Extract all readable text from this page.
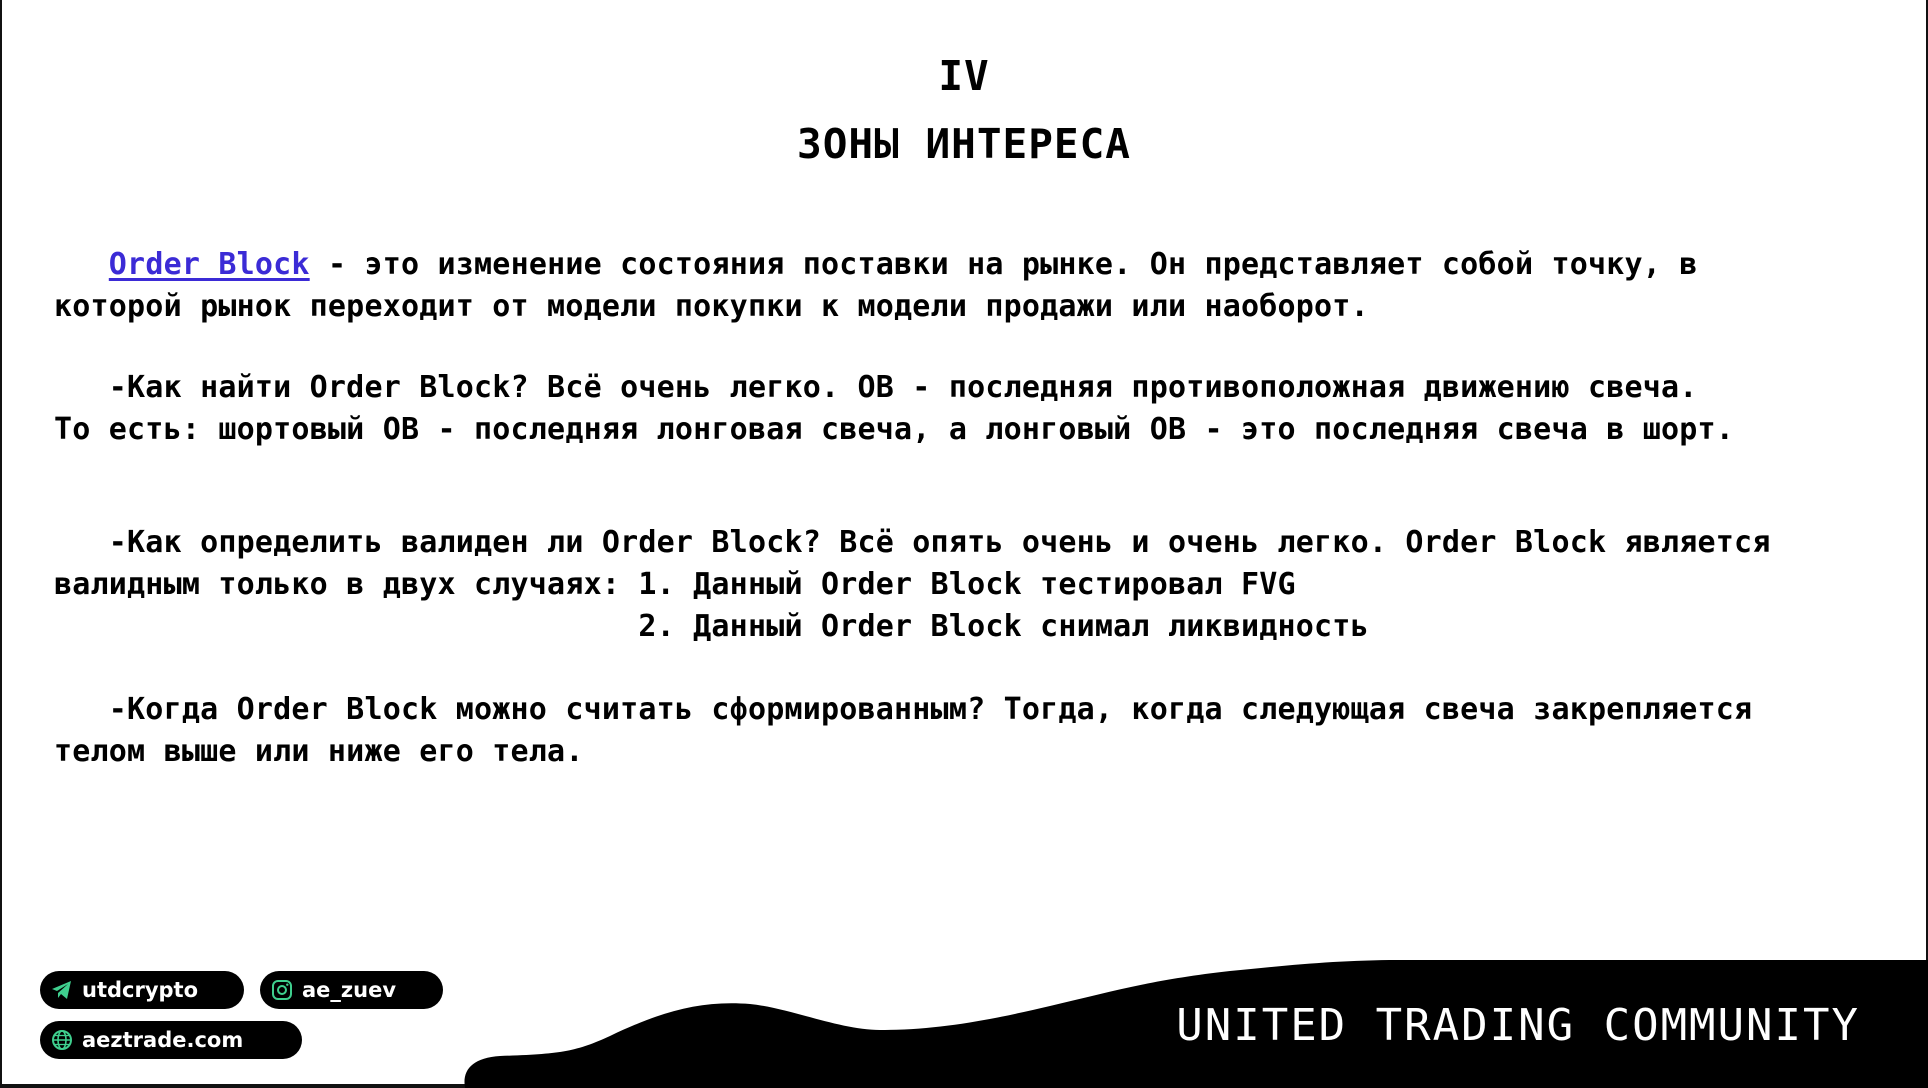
IV
ЗОНЫ ИНТЕРЕСА
Order Block - это изменение состояния поставки на рынке. Он представляет собой точку, в
которой рынок переходит от модели покупки к модели продажи или наоборот.
-Как найти Order Block? Всё очень легко. ОВ - последняя противоположная движению свеча.
То есть: шортовый ОВ - последняя лонговая свеча, а лонговый ОВ - это последняя свеча в шорт.
-Как определить валиден ли Order Block? Всё опять очень и очень легко. Order Block является
валидным только в двух случаях: 1. Данный Order Block тестировал FVG
2. Данный Order Block снимал ликвидность
-Когда Order Block можно считать сформированным? Тогда, когда следующая свеча закрепляется
телом выше или ниже его тела.
UNITED TRADING COMMUNITY
utdcrypto	ae_zuev
aeztrade.com
